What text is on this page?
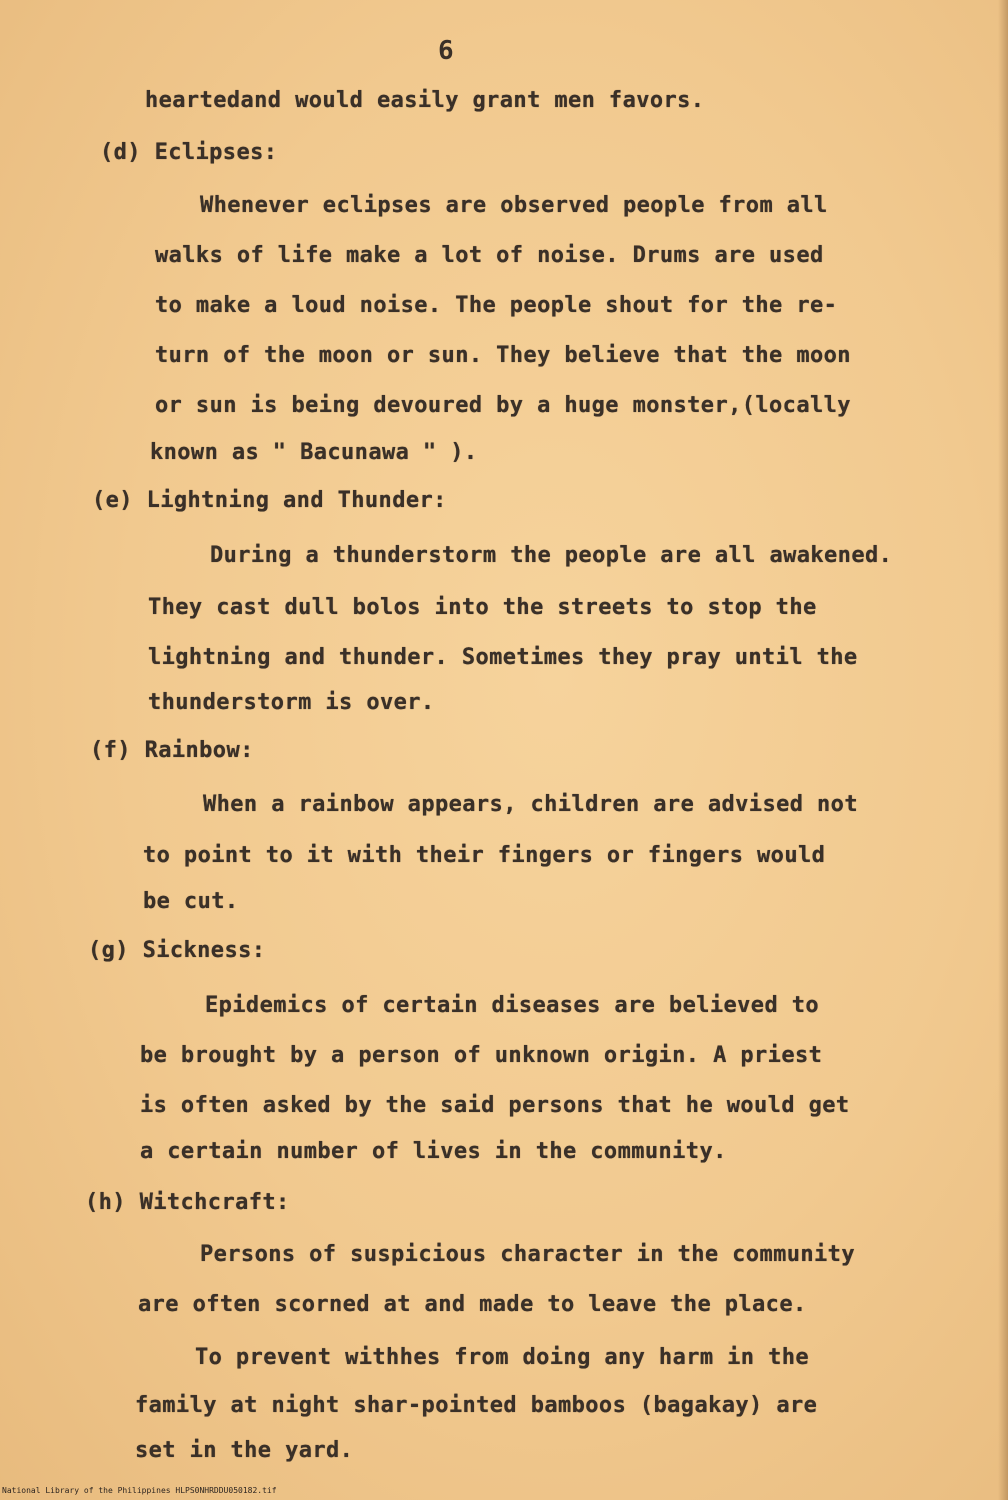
6
heartedand would easily grant men favors.
(d) Eclipses:
Whenever eclipses are observed people from all
walks of life make a lot of noise. Drums are used
to make a loud noise. The people shout for the re-
turn of the moon or sun. They believe that the moon
or sun is being devoured by a huge monster,(locally
known as " Bacunawa " ).
(e) Lightning and Thunder:
During a thunderstorm the people are all awakened.
They cast dull bolos into the streets to stop the
lightning and thunder. Sometimes they pray until the
thunderstorm is over.
(f) Rainbow:
When a rainbow appears, children are advised not
to point to it with their fingers or fingers would
be cut.
(g) Sickness:
Epidemics of certain diseases are believed to
be brought by a person of unknown origin. A priest
is often asked by the said persons that he would get
a certain number of lives in the community.
(h) Witchcraft:
Persons of suspicious character in the community
are often scorned at and made to leave the place.
To prevent withhes from doing any harm in the
family at night shar-pointed bamboos (bagakay) are
set in the yard.
National Library of the Philippines HLPS0NHRDDU050182.tif
